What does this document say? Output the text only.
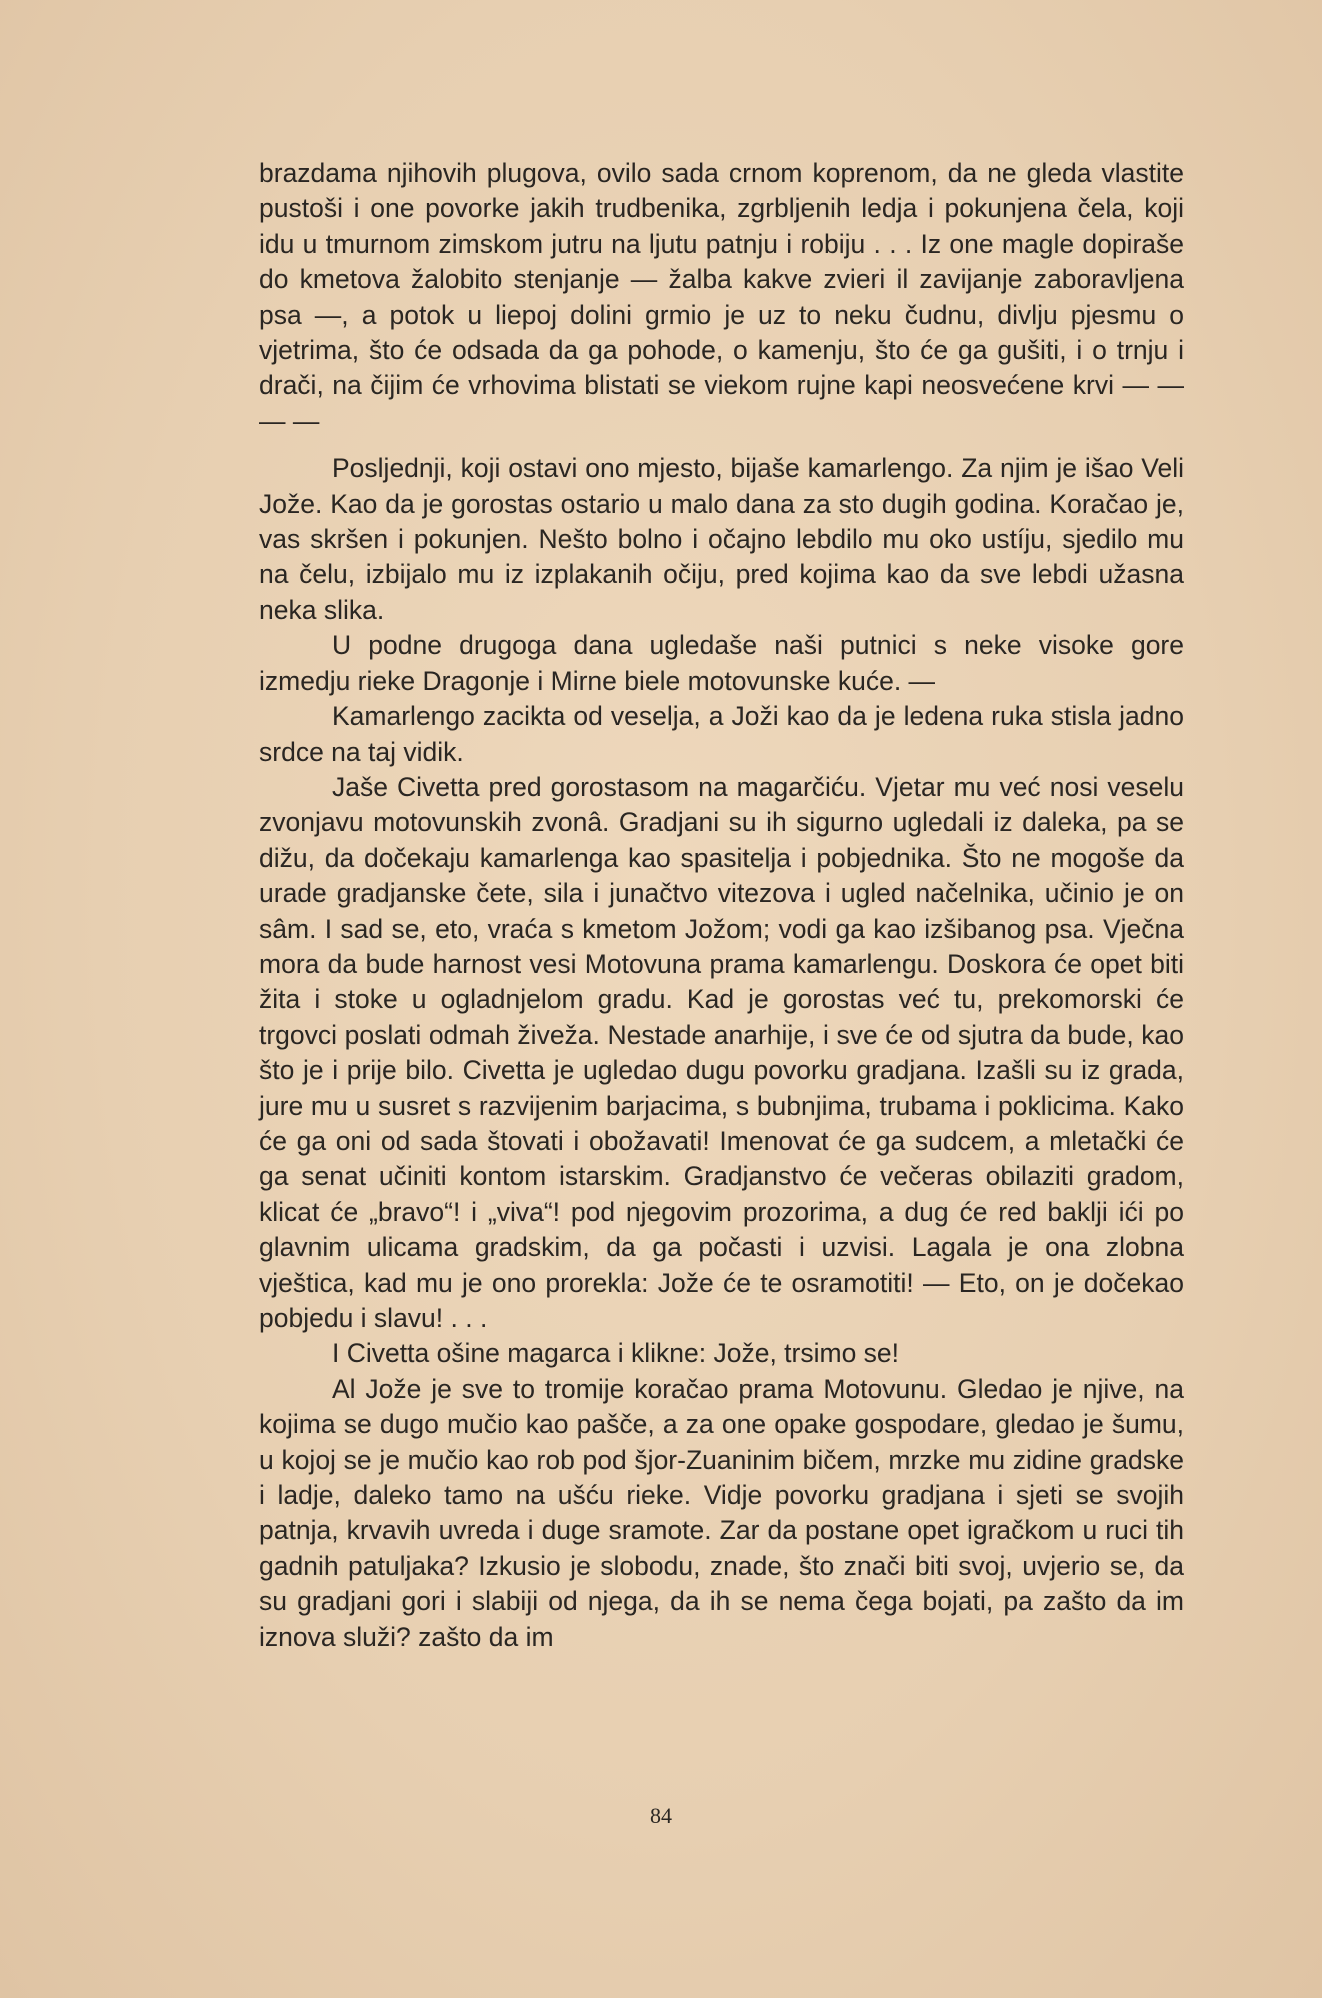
brazdama njihovih plugova, ovilo sada crnom koprenom, da ne gleda vlastite pustoši i one povorke jakih trudbenika, zgrbljenih ledja i pokunjena čela, koji idu u tmurnom zimskom jutru na ljutu patnju i robiju . . . Iz one magle dopiraše do kmetova žalobito stenjanje — žalba kakve zvieri il zavijanje zaboravljena psa —, a potok u liepoj dolini grmio je uz to neku čudnu, divlju pjesmu o vjetrima, što će odsada da ga pohode, o kamenju, što će ga gušiti, i o trnju i drači, na čijim će vrhovima blistati se viekom rujne kapi neosvećene krvi — — — —

Posljednji, koji ostavi ono mjesto, bijaše kamarlengo. Za njim je išao Veli Jože. Kao da je gorostas ostario u malo dana za sto dugih godina. Koračao je, vas skršen i pokunjen. Nešto bolno i očajno lebdilo mu oko ustíju, sjedilo mu na čelu, izbijalo mu iz izplakanih očiju, pred kojima kao da sve lebdi užasna neka slika.

U podne drugoga dana ugledaše naši putnici s neke visoke gore izmedju rieke Dragonje i Mirne biele motovunske kuće. —

Kamarlengo zacikta od veselja, a Joži kao da je ledena ruka stisla jadno srdce na taj vidik.

Jaše Civetta pred gorostasom na magarčiću. Vjetar mu već nosi veselu zvonjavu motovunskih zvonâ. Gradjani su ih sigurno ugledali iz daleka, pa se dižu, da dočekaju kamarlenga kao spasitelja i pobjednika. Što ne mogoše da urade gradjanske čete, sila i junačtvo vitezova i ugled načelnika, učinio je on sâm. I sad se, eto, vraća s kmetom Jožom; vodi ga kao izšibanog psa. Vječna mora da bude harnost vesi Motovuna prama kamarlengu. Doskora će opet biti žita i stoke u ogladnjelom gradu. Kad je gorostas već tu, prekomorski će trgovci poslati odmah živeža. Nestade anarhije, i sve će od sjutra da bude, kao što je i prije bilo. Civetta je ugledao dugu povorku gradjana. Izašli su iz grada, jure mu u susret s razvijenim barjacima, s bubnjima, trubama i poklicima. Kako će ga oni od sada štovati i obožavati! Imenovat će ga sudcem, a mletački će ga senat učiniti kontom istarskim. Gradjanstvo će večeras obilaziti gradom, klicat će „bravo“! i „viva“! pod njegovim prozorima, a dug će red baklji ići po glavnim ulicama gradskim, da ga počasti i uzvisi. Lagala je ona zlobna vještica, kad mu je ono prorekla: Jože će te osramotiti! — Eto, on je dočekao pobjedu i slavu! . . .

I Civetta ošine magarca i klikne: Jože, trsimo se!

Al Jože je sve to tromije koračao prama Motovunu. Gledao je njive, na kojima se dugo mučio kao pašče, a za one opake gospodare, gledao je šumu, u kojoj se je mučio kao rob pod šjor-Zuaninim bičem, mrzke mu zidine gradske i ladje, daleko tamo na ušću rieke. Vidje povorku gradjana i sjeti se svojih patnja, krvavih uvreda i duge sramote. Zar da postane opet igračkom u ruci tih gadnih patuljaka? Izkusio je slobodu, znade, što znači biti svoj, uvjerio se, da su gradjani gori i slabiji od njega, da ih se nema čega bojati, pa zašto da im iznova služi? zašto da im

84
